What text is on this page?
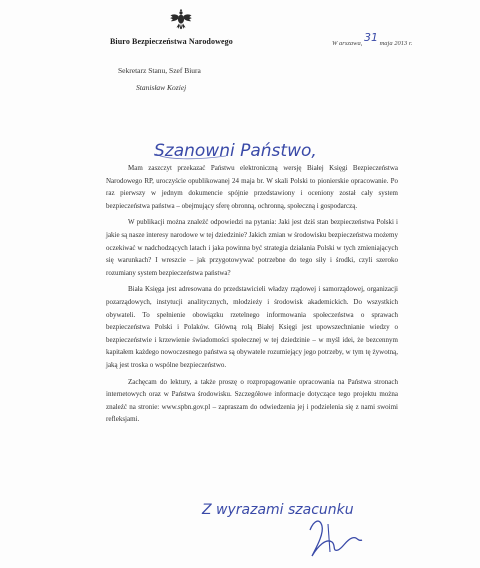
Biuro Bezpieczeństwa Narodowego	W arszawa, 31 maja 2013 r.
Sekretarz Stanu, Szef Biura
Stanisław Koziej
Szanowni Państwo,

Mam zaszczyt przekazać Państwu elektroniczną wersję Białej Księgi Bezpieczeństwa Narodowego RP, uroczyście opublikowanej 24 maja br. W skali Polski to pionierskie opracowanie. Po raz pierwszy w jednym dokumencie spójnie przedstawiony i oceniony został cały system bezpieczeństwa państwa – obejmujący sferę obronną, ochronną, społeczną i gospodarczą.

W publikacji można znaleźć odpowiedzi na pytania: Jaki jest dziś stan bezpieczeństwa Polski i jakie są nasze interesy narodowe w tej dziedzinie? Jakich zmian w środowisku bezpieczeństwa możemy oczekiwać w nadchodzących latach i jaka powinna być strategia działania Polski w tych zmieniających się warunkach? I wreszcie – jak przygotowywać potrzebne do tego siły i środki, czyli szeroko rozumiany system bezpieczeństwa państwa?

Biała Księga jest adresowana do przedstawicieli władzy rządowej i samorządowej, organizacji pozarządowych, instytucji analitycznych, młodzieży i środowisk akademickich. Do wszystkich obywateli. To spełnienie obowiązku rzetelnego informowania społeczeństwa o sprawach bezpieczeństwa Polski i Polaków. Główną rolą Białej Księgi jest upowszechnianie wiedzy o bezpieczeństwie i krzewienie świadomości społecznej w tej dziedzinie – w myśl idei, że bezcennym kapitałem każdego nowoczesnego państwa są obywatele rozumiejący jego potrzeby, w tym tę żywotną, jaką jest troska o wspólne bezpieczeństwo.

Zachęcam do lektury, a także proszę o rozpropagowanie opracowania na Państwa stronach internetowych oraz w Państwa środowisku. Szczegółowe informacje dotyczące tego projektu można znaleźć na stronie: www.spbn.gov.pl – zapraszam do odwiedzenia jej i podzielenia się z nami swoimi refleksjami.

Z wyrazami szacunku
